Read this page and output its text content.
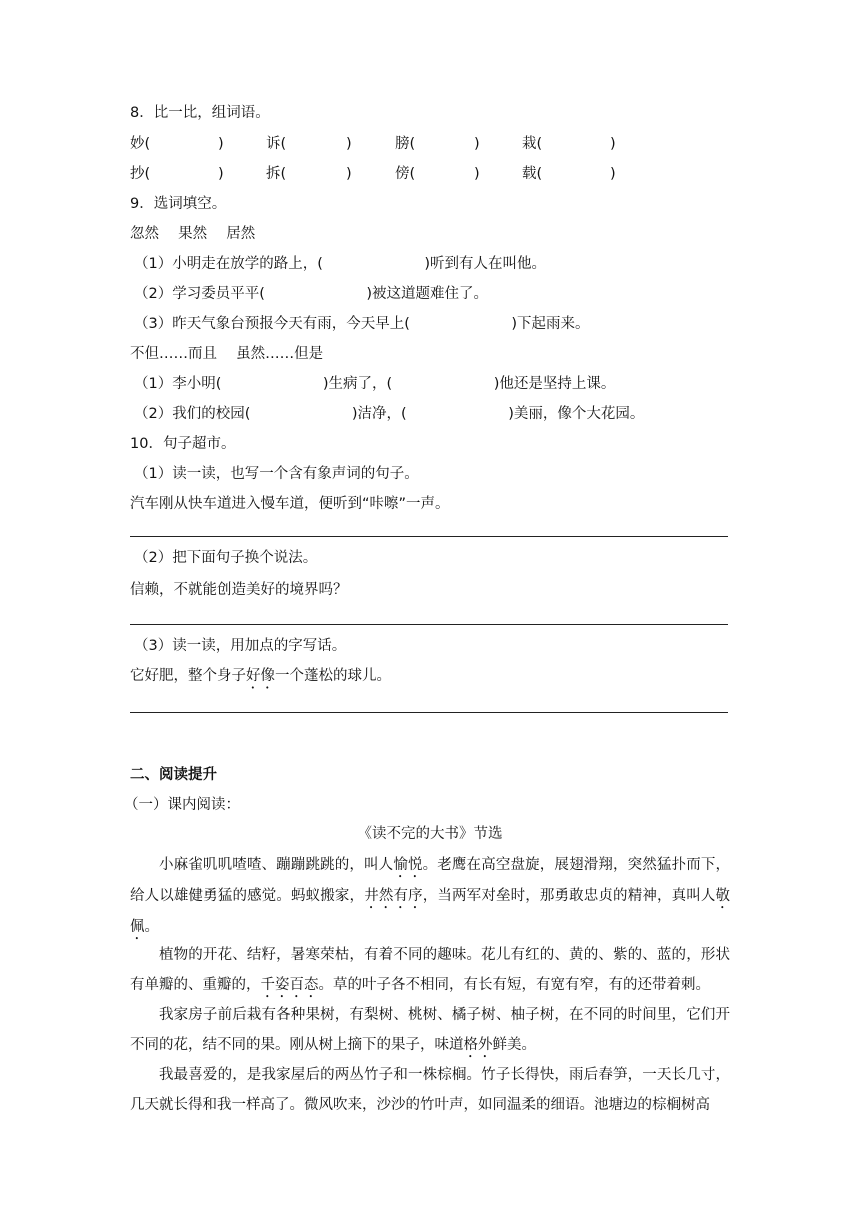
8．比一比，组词语。
妙(	)	诉(	)	膀(	)	栽(	)
抄(	)	拆(	)	傍(	)	载(	)
9．选词填空。
忽然　 果然　 居然
（1）小明走在放学的路上，(　　　　　　　)听到有人在叫他。
（2）学习委员平平(　　　　　　　)被这道题难住了。
（3）昨天气象台预报今天有雨，今天早上(　　　　　　　)下起雨来。
不但……而且　 虽然……但是
（1）李小明(　　　　　　　)生病了，(　　　　　　　)他还是坚持上课。
（2）我们的校园(　　　　　　　)洁净，(　　　　　　　)美丽，像个大花园。
10．句子超市。
（1）读一读，也写一个含有象声词的句子。
汽车刚从快车道进入慢车道，便听到“咔嚓”一声。
（2）把下面句子换个说法。
信赖，不就能创造美好的境界吗？
（3）读一读，用加点的字写话。
它好肥，整个身子好像一个蓬松的球儿。
二、阅读提升
（一）课内阅读：
《读不完的大书》节选
小麻雀叽叽喳喳、蹦蹦跳跳的，叫人愉悦。老鹰在高空盘旋，展翅滑翔，突然猛扑而下，给人以雄健勇猛的感觉。蚂蚁搬家，井然有序，当两军对垒时，那勇敢忠贞的精神，真叫人敬佩。
植物的开花、结籽，暑寒荣枯，有着不同的趣味。花儿有红的、黄的、紫的、蓝的，形状有单瓣的、重瓣的，千姿百态。草的叶子各不相同，有长有短，有宽有窄，有的还带着刺。
我家房子前后栽有各种果树，有梨树、桃树、橘子树、柚子树，在不同的时间里，它们开不同的花，结不同的果。刚从树上摘下的果子，味道格外鲜美。
我最喜爱的，是我家屋后的两丛竹子和一株棕榈。竹子长得快，雨后春笋，一天长几寸，几天就长得和我一样高了。微风吹来，沙沙的竹叶声，如同温柔的细语。池塘边的棕榈树高
